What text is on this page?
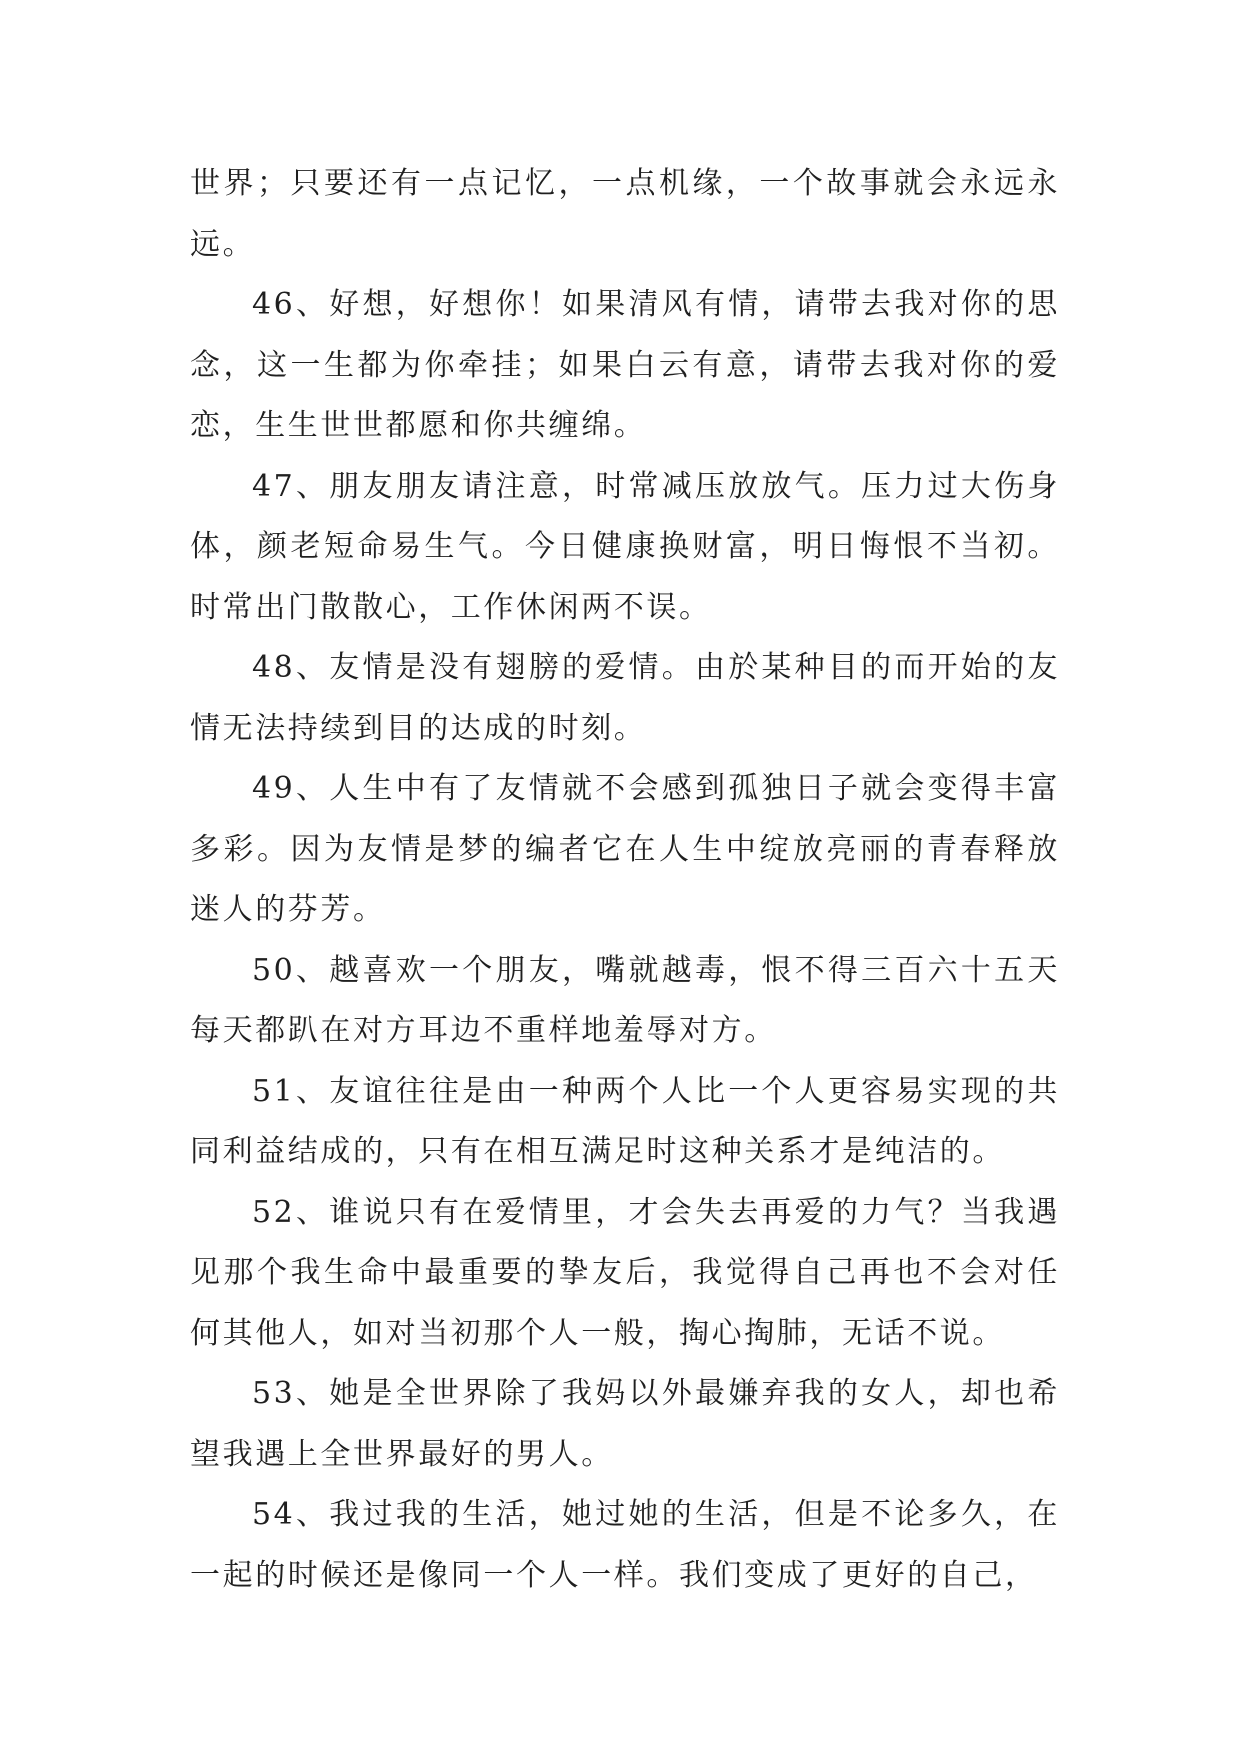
世界；只要还有一点记忆，一点机缘，一个故事就会永远永远。

46、好想，好想你！如果清风有情，请带去我对你的思念，这一生都为你牵挂；如果白云有意，请带去我对你的爱恋，生生世世都愿和你共缠绵。

47、朋友朋友请注意，时常减压放放气。压力过大伤身体，颜老短命易生气。今日健康换财富，明日悔恨不当初。时常出门散散心，工作休闲两不误。

48、友情是没有翅膀的爱情。由於某种目的而开始的友情无法持续到目的达成的时刻。

49、人生中有了友情就不会感到孤独日子就会变得丰富多彩。因为友情是梦的编者它在人生中绽放亮丽的青春释放迷人的芬芳。

50、越喜欢一个朋友，嘴就越毒，恨不得三百六十五天每天都趴在对方耳边不重样地羞辱对方。

51、友谊往往是由一种两个人比一个人更容易实现的共同利益结成的，只有在相互满足时这种关系才是纯洁的。

52、谁说只有在爱情里，才会失去再爱的力气？当我遇见那个我生命中最重要的挚友后，我觉得自己再也不会对任何其他人，如对当初那个人一般，掏心掏肺，无话不说。

53、她是全世界除了我妈以外最嫌弃我的女人，却也希望我遇上全世界最好的男人。

54、我过我的生活，她过她的生活，但是不论多久，在一起的时候还是像同一个人一样。我们变成了更好的自己，
